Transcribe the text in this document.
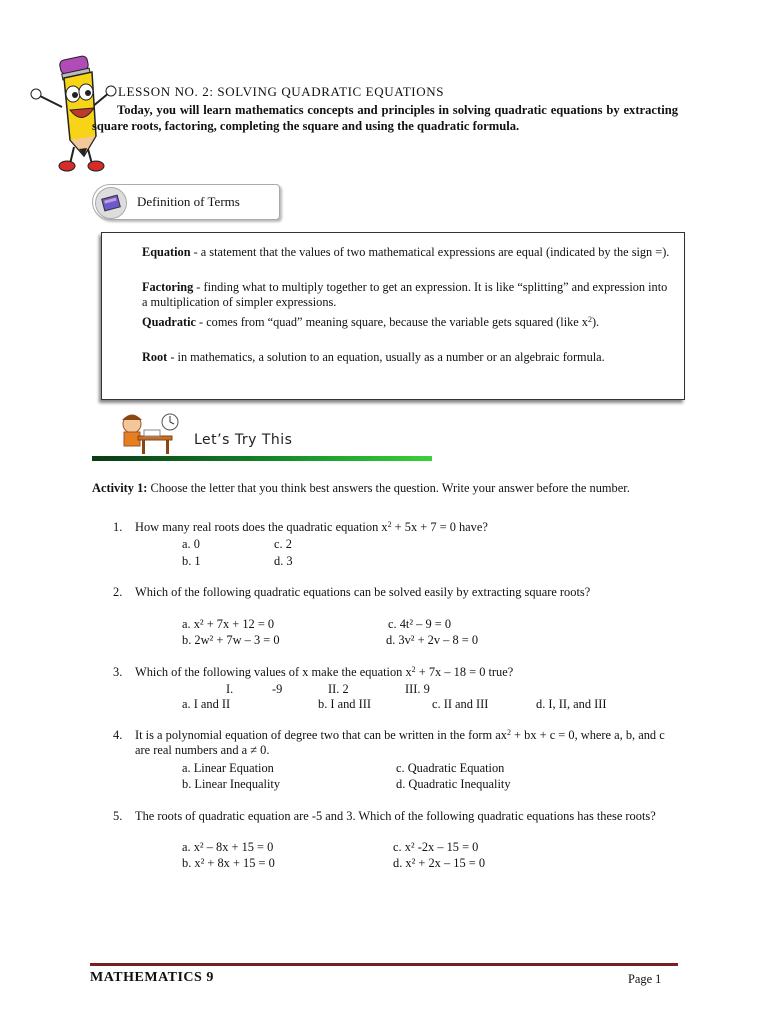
LESSON NO. 2: SOLVING QUADRATIC EQUATIONS
Today, you will learn mathematics concepts and principles in solving quadratic equations by extracting square roots, factoring, completing the square and using the quadratic formula.
Definition of Terms
Equation - a statement that the values of two mathematical expressions are equal (indicated by the sign =).
Factoring - finding what to multiply together to get an expression. It is like “splitting” and expression into a multiplication of simpler expressions.
Quadratic - comes from “quad” meaning square, because the variable gets squared (like $x^2$).
Root - in mathematics, a solution to an equation, usually as a number or an algebraic formula.
Let’s Try This
Activity 1: Choose the letter that you think best answers the question. Write your answer before the number.
1. How many real roots does the quadratic equation $x^2 + 5x + 7 = 0$ have?
a. 0	c. 2
b. 1	d. 3
2. Which of the following quadratic equations can be solved easily by extracting square roots?
a. x² + 7x + 12 = 0	c. 4t² – 9 = 0
b. 2w² + 7w – 3 = 0	d. 3v² + 2v – 8 = 0
3. Which of the following values of x make the equation $x^2 + 7x - 18 = 0$ true?
I.	-9	II. 2	III. 9
a. I and II	b. I and III	c. II and III	d. I, II, and III
4. It is a polynomial equation of degree two that can be written in the form $ax^2$ + bx + c = 0, where a, b, and c are real numbers and a ≠ 0.
a. Linear Equation	c. Quadratic Equation
b. Linear Inequality	d. Quadratic Inequality
5. The roots of quadratic equation are -5 and 3. Which of the following quadratic equations has these roots?
a. x² – 8x + 15 = 0	c. x² -2x – 15 = 0
b. x² + 8x + 15 = 0	d. x² + 2x – 15 = 0
MATHEMATICS 9	Page 1
